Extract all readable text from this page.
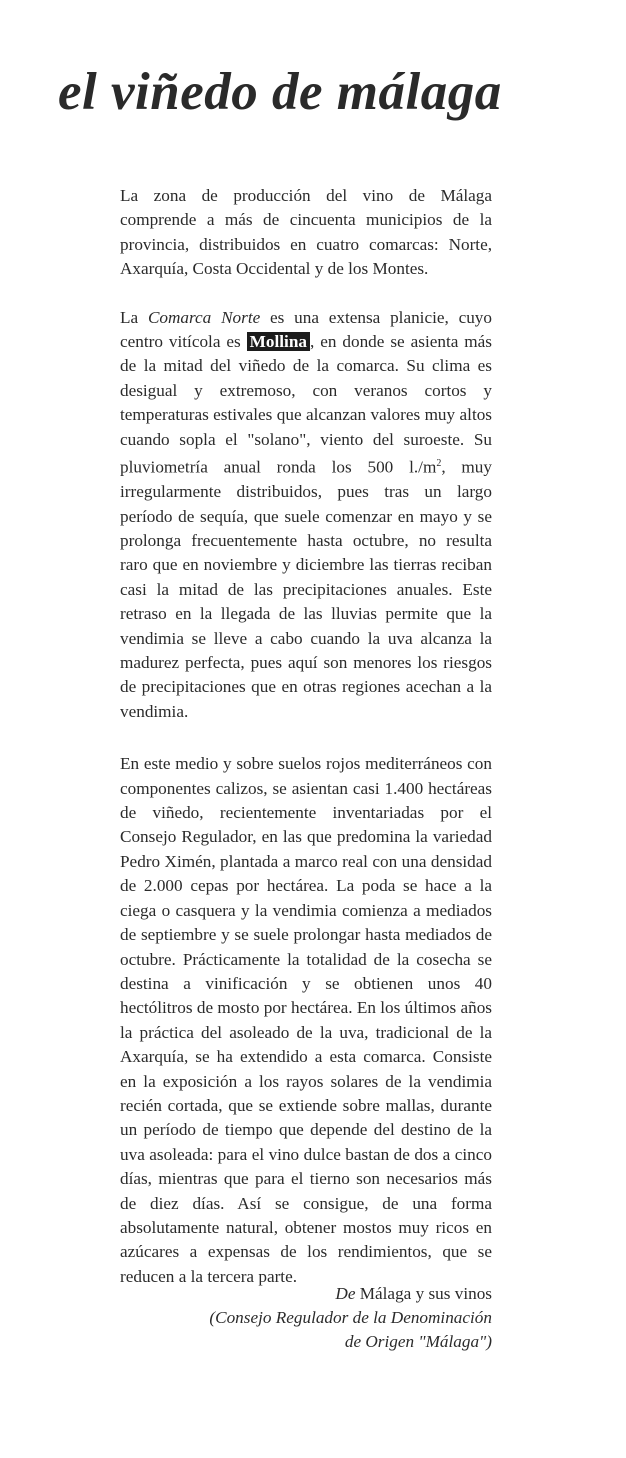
el viñedo de málaga

La zona de producción del vino de Málaga comprende a más de cincuenta municipios de la provincia, distribuidos en cuatro comarcas: Norte, Axarquía, Costa Occidental y de los Montes.

La Comarca Norte es una extensa planicie, cuyo centro vitícola es Mollina , en donde se asienta más de la mitad del viñedo de la comarca. Su clima es desigual y extremoso, con veranos cortos y temperaturas estivales que alcanzan valores muy altos cuando sopla el "solano", viento del suroeste. Su pluviometría anual ronda los 500 $l./m^2$, muy irregularmente distribuidos, pues tras un largo período de sequía, que suele comenzar en mayo y se prolonga frecuentemente hasta octubre, no resulta raro que en noviembre y diciembre las tierras reciban casi la mitad de las precipitaciones anuales. Este retraso en la llegada de las lluvias permite que la vendimia se lleve a cabo cuando la uva alcanza la madurez perfecta, pues aquí son menores los riesgos de precipitaciones que en otras regiones acechan a la vendimia.

En este medio y sobre suelos rojos mediterráneos con componentes calizos, se asientan casi 1.400 hectáreas de viñedo, recientemente inventariadas por el Consejo Regulador, en las que predomina la variedad Pedro Ximén, plantada a marco real con una densidad de 2.000 cepas por hectárea. La poda se hace a la ciega o casquera y la vendimia comienza a mediados de septiembre y se suele prolongar hasta mediados de octubre. Prácticamente la totalidad de la cosecha se destina a vinificación y se obtienen unos 40 hectólitros de mosto por hectárea. En los últimos años la práctica del asoleado de la uva, tradicional de la Axarquía, se ha extendido a esta comarca. Consiste en la exposición a los rayos solares de la vendimia recién cortada, que se extiende sobre mallas, durante un período de tiempo que depende del destino de la uva asoleada: para el vino dulce bastan de dos a cinco días, mientras que para el tierno son necesarios más de diez días. Así se consigue, de una forma absolutamente natural, obtener mostos muy ricos en azúcares a expensas de los rendimientos, que se reducen a la tercera parte.

De Málaga y sus vinos
(Consejo Regulador de la Denominación
de Origen "Málaga")
